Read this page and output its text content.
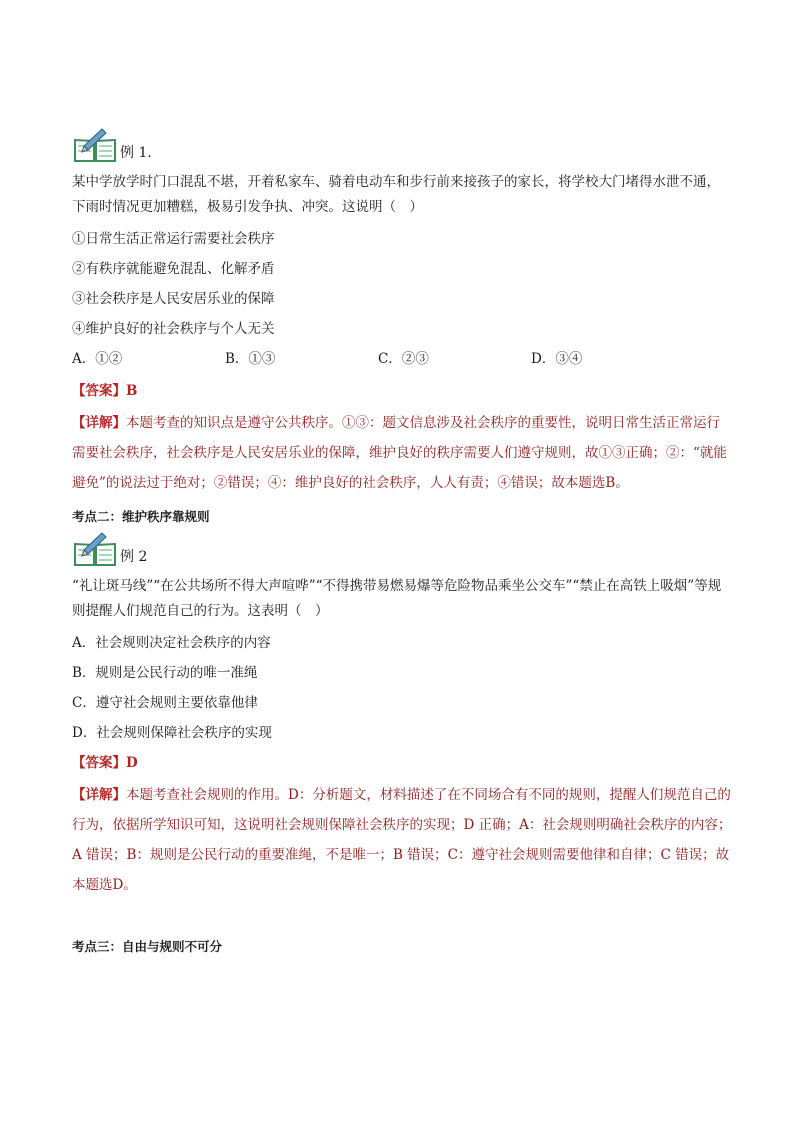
例 1.

某中学放学时门口混乱不堪，开着私家车、骑着电动车和步行前来接孩子的家长，将学校大门堵得水泄不通，下雨时情况更加糟糕，极易引发争执、冲突。这说明（　）

①日常生活正常运行需要社会秩序

②有秩序就能避免混乱、化解矛盾

③社会秩序是人民安居乐业的保障

④维护良好的社会秩序与个人无关

A．①②	B．①③	C．②③	D．③④

【答案】B

【详解】本题考查的知识点是遵守公共秩序。①③：题文信息涉及社会秩序的重要性，说明日常生活正常运行需要社会秩序，社会秩序是人民安居乐业的保障，维护良好的秩序需要人们遵守规则，故①③正确；②：“就能避免”的说法过于绝对；②错误；④：维护良好的社会秩序，人人有责；④错误；故本题选B。

考点二：维护秩序靠规则

例 2

“礼让斑马线”“在公共场所不得大声喧哗”“不得携带易燃易爆等危险物品乘坐公交车”“禁止在高铁上吸烟”等规则提醒人们规范自己的行为。这表明（　）

A．社会规则决定社会秩序的内容

B．规则是公民行动的唯一准绳

C．遵守社会规则主要依靠他律

D．社会规则保障社会秩序的实现

【答案】D

【详解】本题考查社会规则的作用。D：分析题文，材料描述了在不同场合有不同的规则，提醒人们规范自己的行为，依据所学知识可知，这说明社会规则保障社会秩序的实现；D 正确；A：社会规则明确社会秩序的内容；A 错误；B：规则是公民行动的重要准绳，不是唯一；B 错误；C：遵守社会规则需要他律和自律；C 错误；故本题选D。

考点三：自由与规则不可分
